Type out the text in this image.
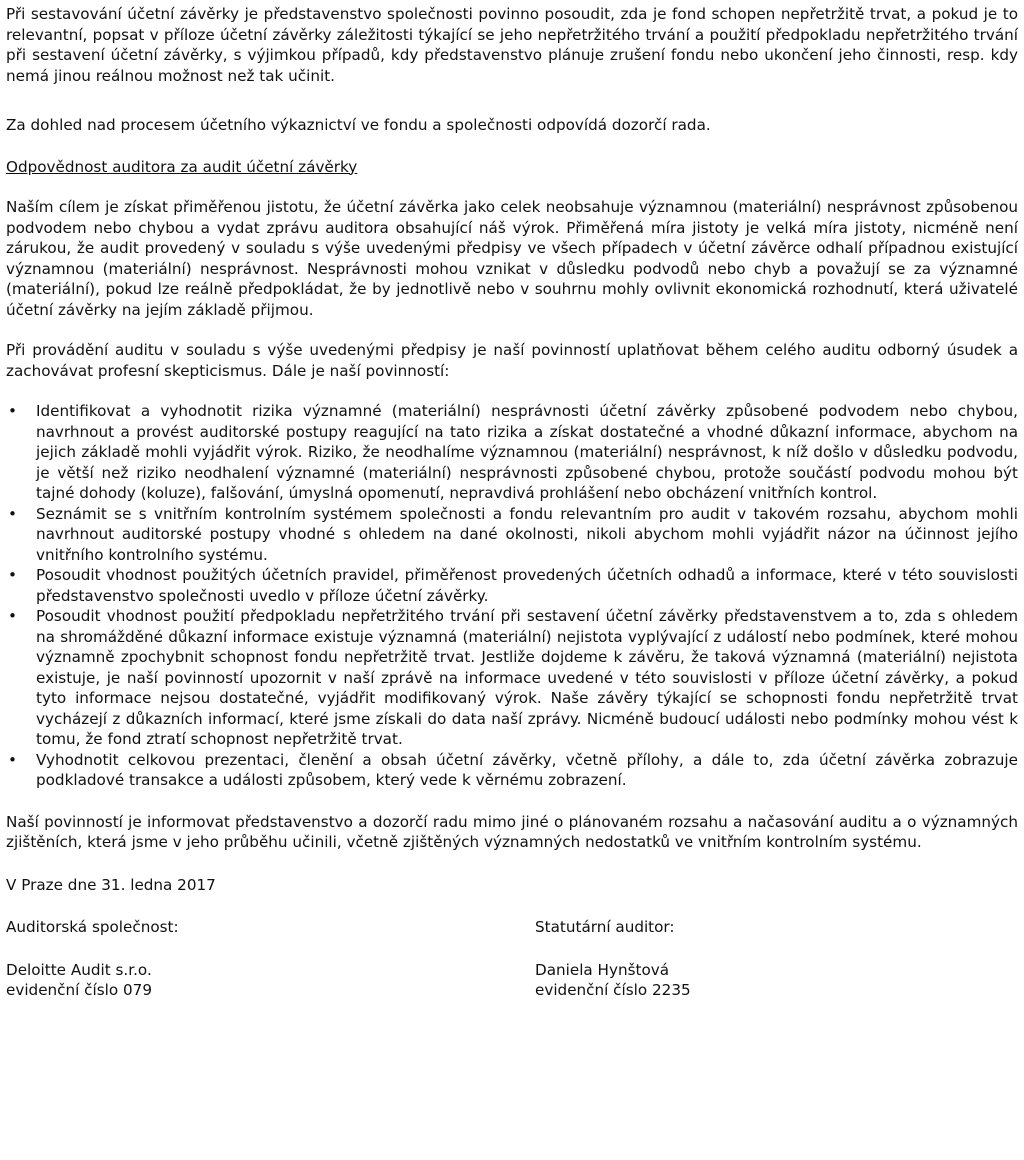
Při sestavování účetní závěrky je představenstvo společnosti povinno posoudit, zda je fond schopen nepřetržitě trvat, a pokud je to relevantní, popsat v příloze účetní závěrky záležitosti týkající se jeho nepřetržitého trvání a použití předpokladu nepřetržitého trvání při sestavení účetní závěrky, s výjimkou případů, kdy představenstvo plánuje zrušení fondu nebo ukončení jeho činnosti, resp. kdy nemá jinou reálnou možnost než tak učinit.

Za dohled nad procesem účetního výkaznictví ve fondu a společnosti odpovídá dozorčí rada.

Odpovědnost auditora za audit účetní závěrky

Naším cílem je získat přiměřenou jistotu, že účetní závěrka jako celek neobsahuje významnou (materiální) nesprávnost způsobenou podvodem nebo chybou a vydat zprávu auditora obsahující náš výrok. Přiměřená míra jistoty je velká míra jistoty, nicméně není zárukou, že audit provedený v souladu s výše uvedenými předpisy ve všech případech v účetní závěrce odhalí případnou existující významnou (materiální) nesprávnost. Nesprávnosti mohou vznikat v důsledku podvodů nebo chyb a považují se za významné (materiální), pokud lze reálně předpokládat, že by jednotlivě nebo v souhrnu mohly ovlivnit ekonomická rozhodnutí, která uživatelé účetní závěrky na jejím základě přijmou.

Při provádění auditu v souladu s výše uvedenými předpisy je naší povinností uplatňovat během celého auditu odborný úsudek a zachovávat profesní skepticismus. Dále je naší povinností:

• Identifikovat a vyhodnotit rizika významné (materiální) nesprávnosti účetní závěrky způsobené podvodem nebo chybou, navrhnout a provést auditorské postupy reagující na tato rizika a získat dostatečné a vhodné důkazní informace, abychom na jejich základě mohli vyjádřit výrok. Riziko, že neodhalíme významnou (materiální) nesprávnost, k níž došlo v důsledku podvodu, je větší než riziko neodhalení významné (materiální) nesprávnosti způsobené chybou, protože součástí podvodu mohou být tajné dohody (koluze), falšování, úmyslná opomenutí, nepravdivá prohlášení nebo obcházení vnitřních kontrol.
• Seznámit se s vnitřním kontrolním systémem společnosti a fondu relevantním pro audit v takovém rozsahu, abychom mohli navrhnout auditorské postupy vhodné s ohledem na dané okolnosti, nikoli abychom mohli vyjádřit názor na účinnost jejího vnitřního kontrolního systému.
• Posoudit vhodnost použitých účetních pravidel, přiměřenost provedených účetních odhadů a informace, které v této souvislosti představenstvo společnosti uvedlo v příloze účetní závěrky.
• Posoudit vhodnost použití předpokladu nepřetržitého trvání při sestavení účetní závěrky představenstvem a to, zda s ohledem na shromážděné důkazní informace existuje významná (materiální) nejistota vyplývající z událostí nebo podmínek, které mohou významně zpochybnit schopnost fondu nepřetržitě trvat. Jestliže dojdeme k závěru, že taková významná (materiální) nejistota existuje, je naší povinností upozornit v naší zprávě na informace uvedené v této souvislosti v příloze účetní závěrky, a pokud tyto informace nejsou dostatečné, vyjádřit modifikovaný výrok. Naše závěry týkající se schopnosti fondu nepřetržitě trvat vycházejí z důkazních informací, které jsme získali do data naší zprávy. Nicméně budoucí události nebo podmínky mohou vést k tomu, že fond ztratí schopnost nepřetržitě trvat.
• Vyhodnotit celkovou prezentaci, členění a obsah účetní závěrky, včetně přílohy, a dále to, zda účetní závěrka zobrazuje podkladové transakce a události způsobem, který vede k věrnému zobrazení.

Naší povinností je informovat představenstvo a dozorčí radu mimo jiné o plánovaném rozsahu a načasování auditu a o významných zjištěních, která jsme v jeho průběhu učinili, včetně zjištěných významných nedostatků ve vnitřním kontrolním systému.

V Praze dne 31. ledna 2017

Auditorská společnost:
Deloitte Audit s.r.o.
evidenční číslo 079
Statutární auditor:
Daniela Hynštová
evidenční číslo 2235
